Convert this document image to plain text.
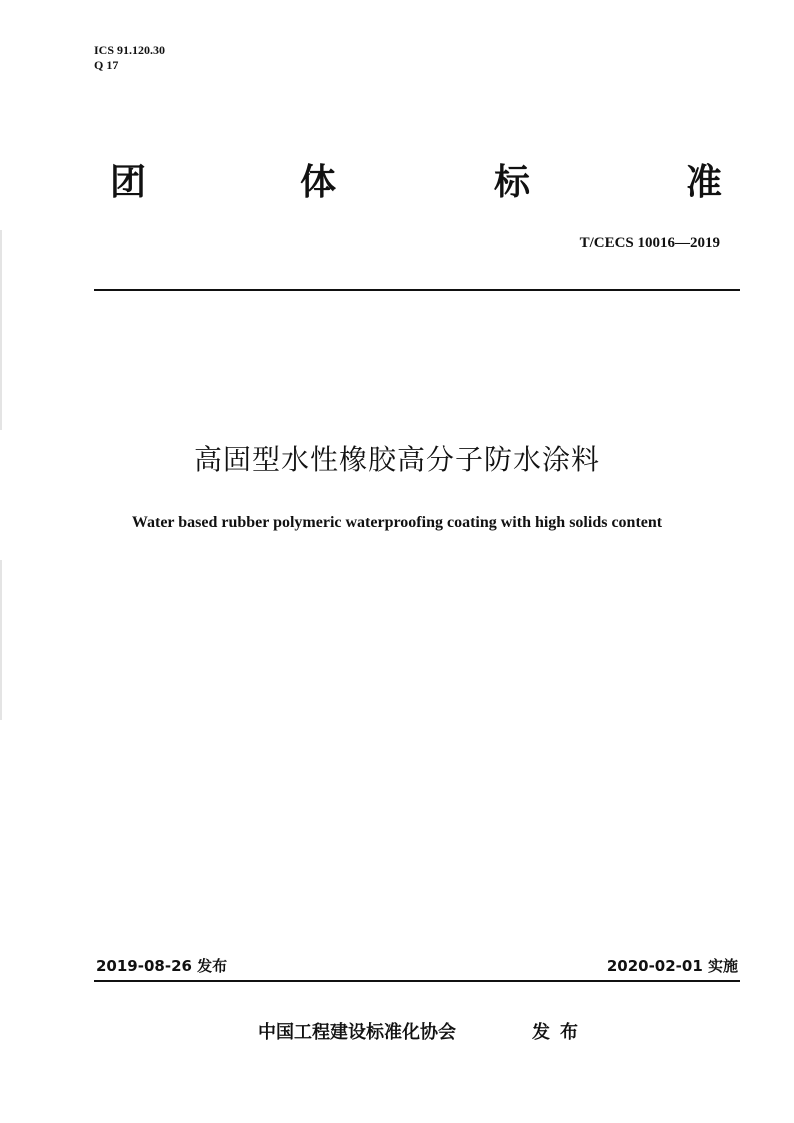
ICS 91.120.30
Q 17
团	体	标	准
T/CECS 10016—2019
高固型水性橡胶高分子防水涂料
Water based rubber polymeric waterproofing coating with high solids content
2019-08-26 发布	2020-02-01 实施
中国工程建设标准化协会	发布
